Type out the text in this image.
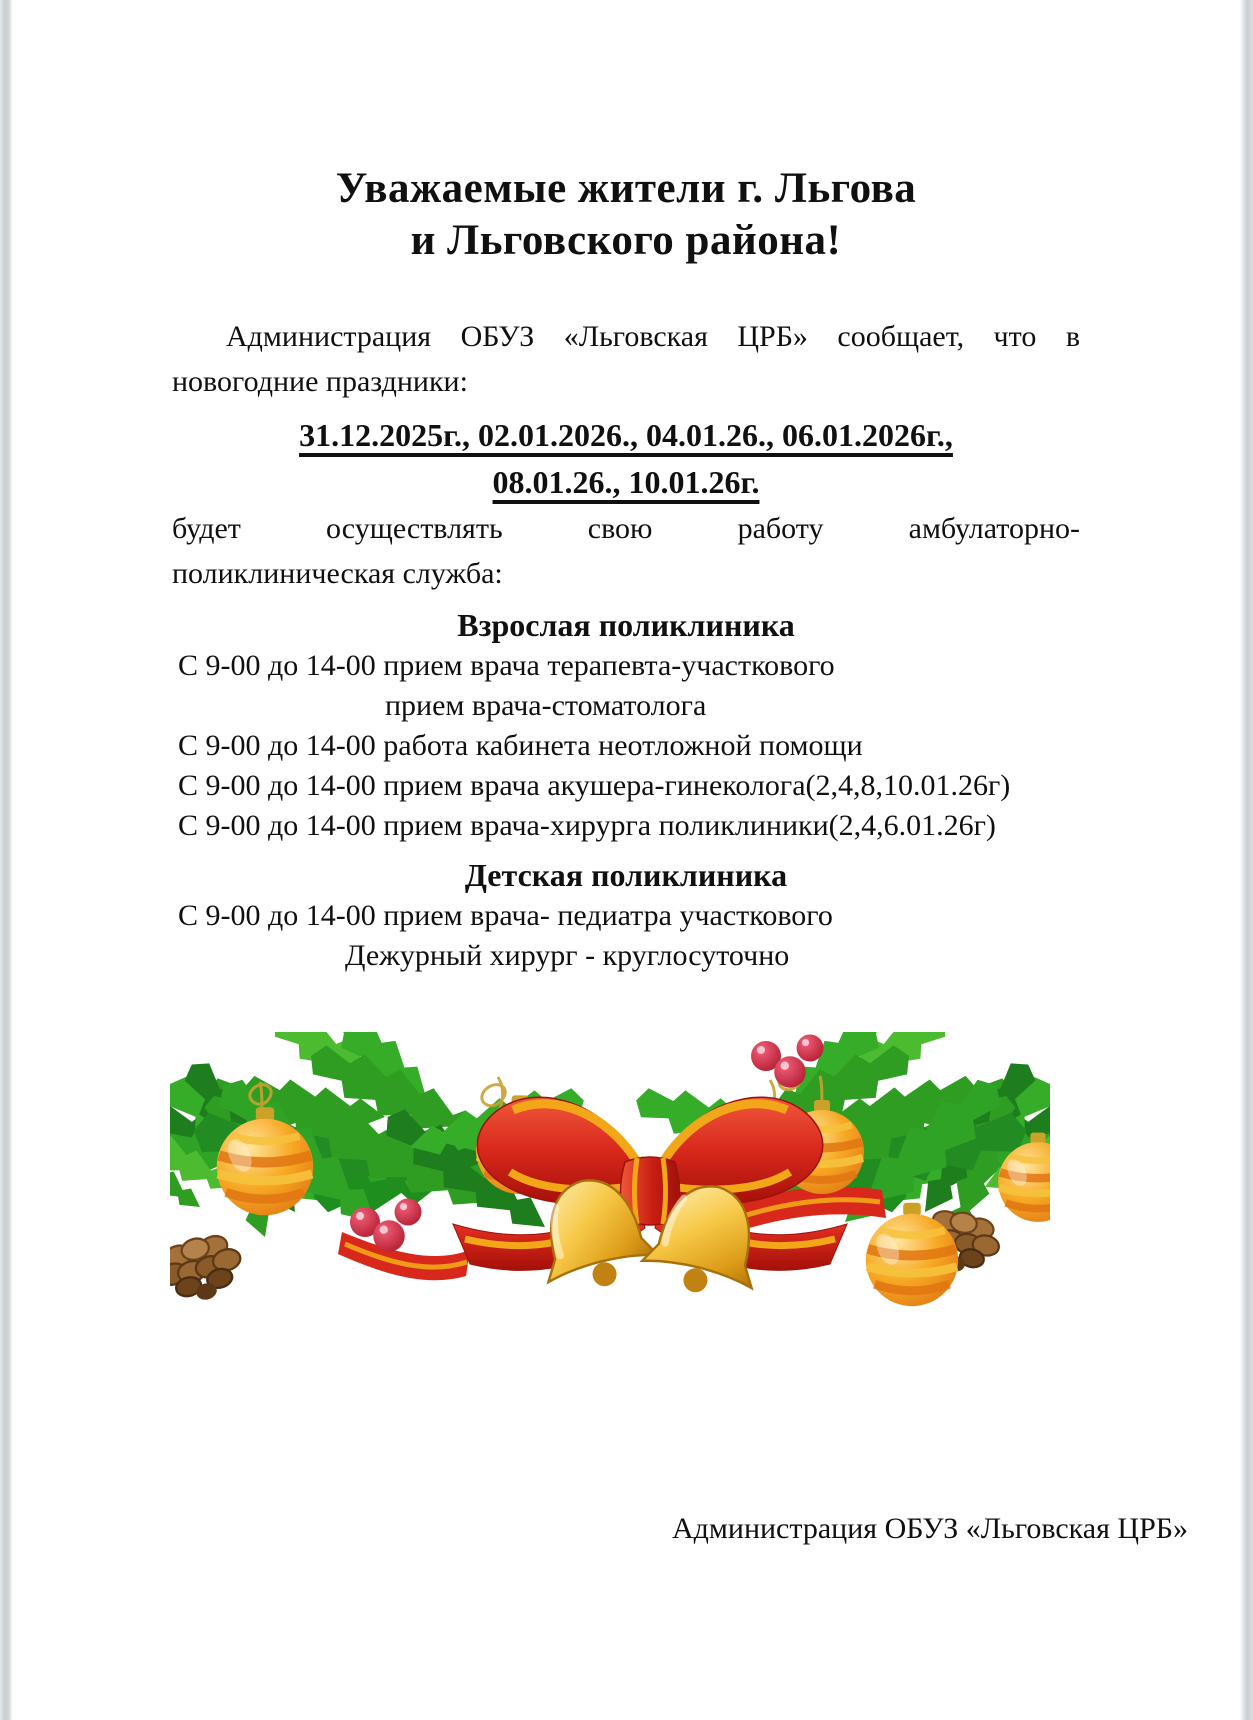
Уважаемые жители г. Льгова
и Льговского района!
Администрация ОБУЗ «Льговская ЦРБ» сообщает, что в
новогодние праздники:
31.12.2025г., 02.01.2026., 04.01.26., 06.01.2026г.,
08.01.26., 10.01.26г.
будет осуществлять свою работу амбулаторно-
поликлиническая служба:
Взрослая поликлиника
С 9-00 до 14-00 прием врача терапевта-участкового
прием врача-стоматолога
С 9-00 до 14-00 работа кабинета неотложной помощи
С 9-00 до 14-00 прием врача акушера-гинеколога(2,4,8,10.01.26г)
С 9-00 до 14-00 прием врача-хирурга поликлиники(2,4,6.01.26г)
Детская поликлиника
С 9-00 до 14-00 прием врача- педиатра участкового
Дежурный хирург - круглосуточно
Администрация ОБУЗ «Льговская ЦРБ»
